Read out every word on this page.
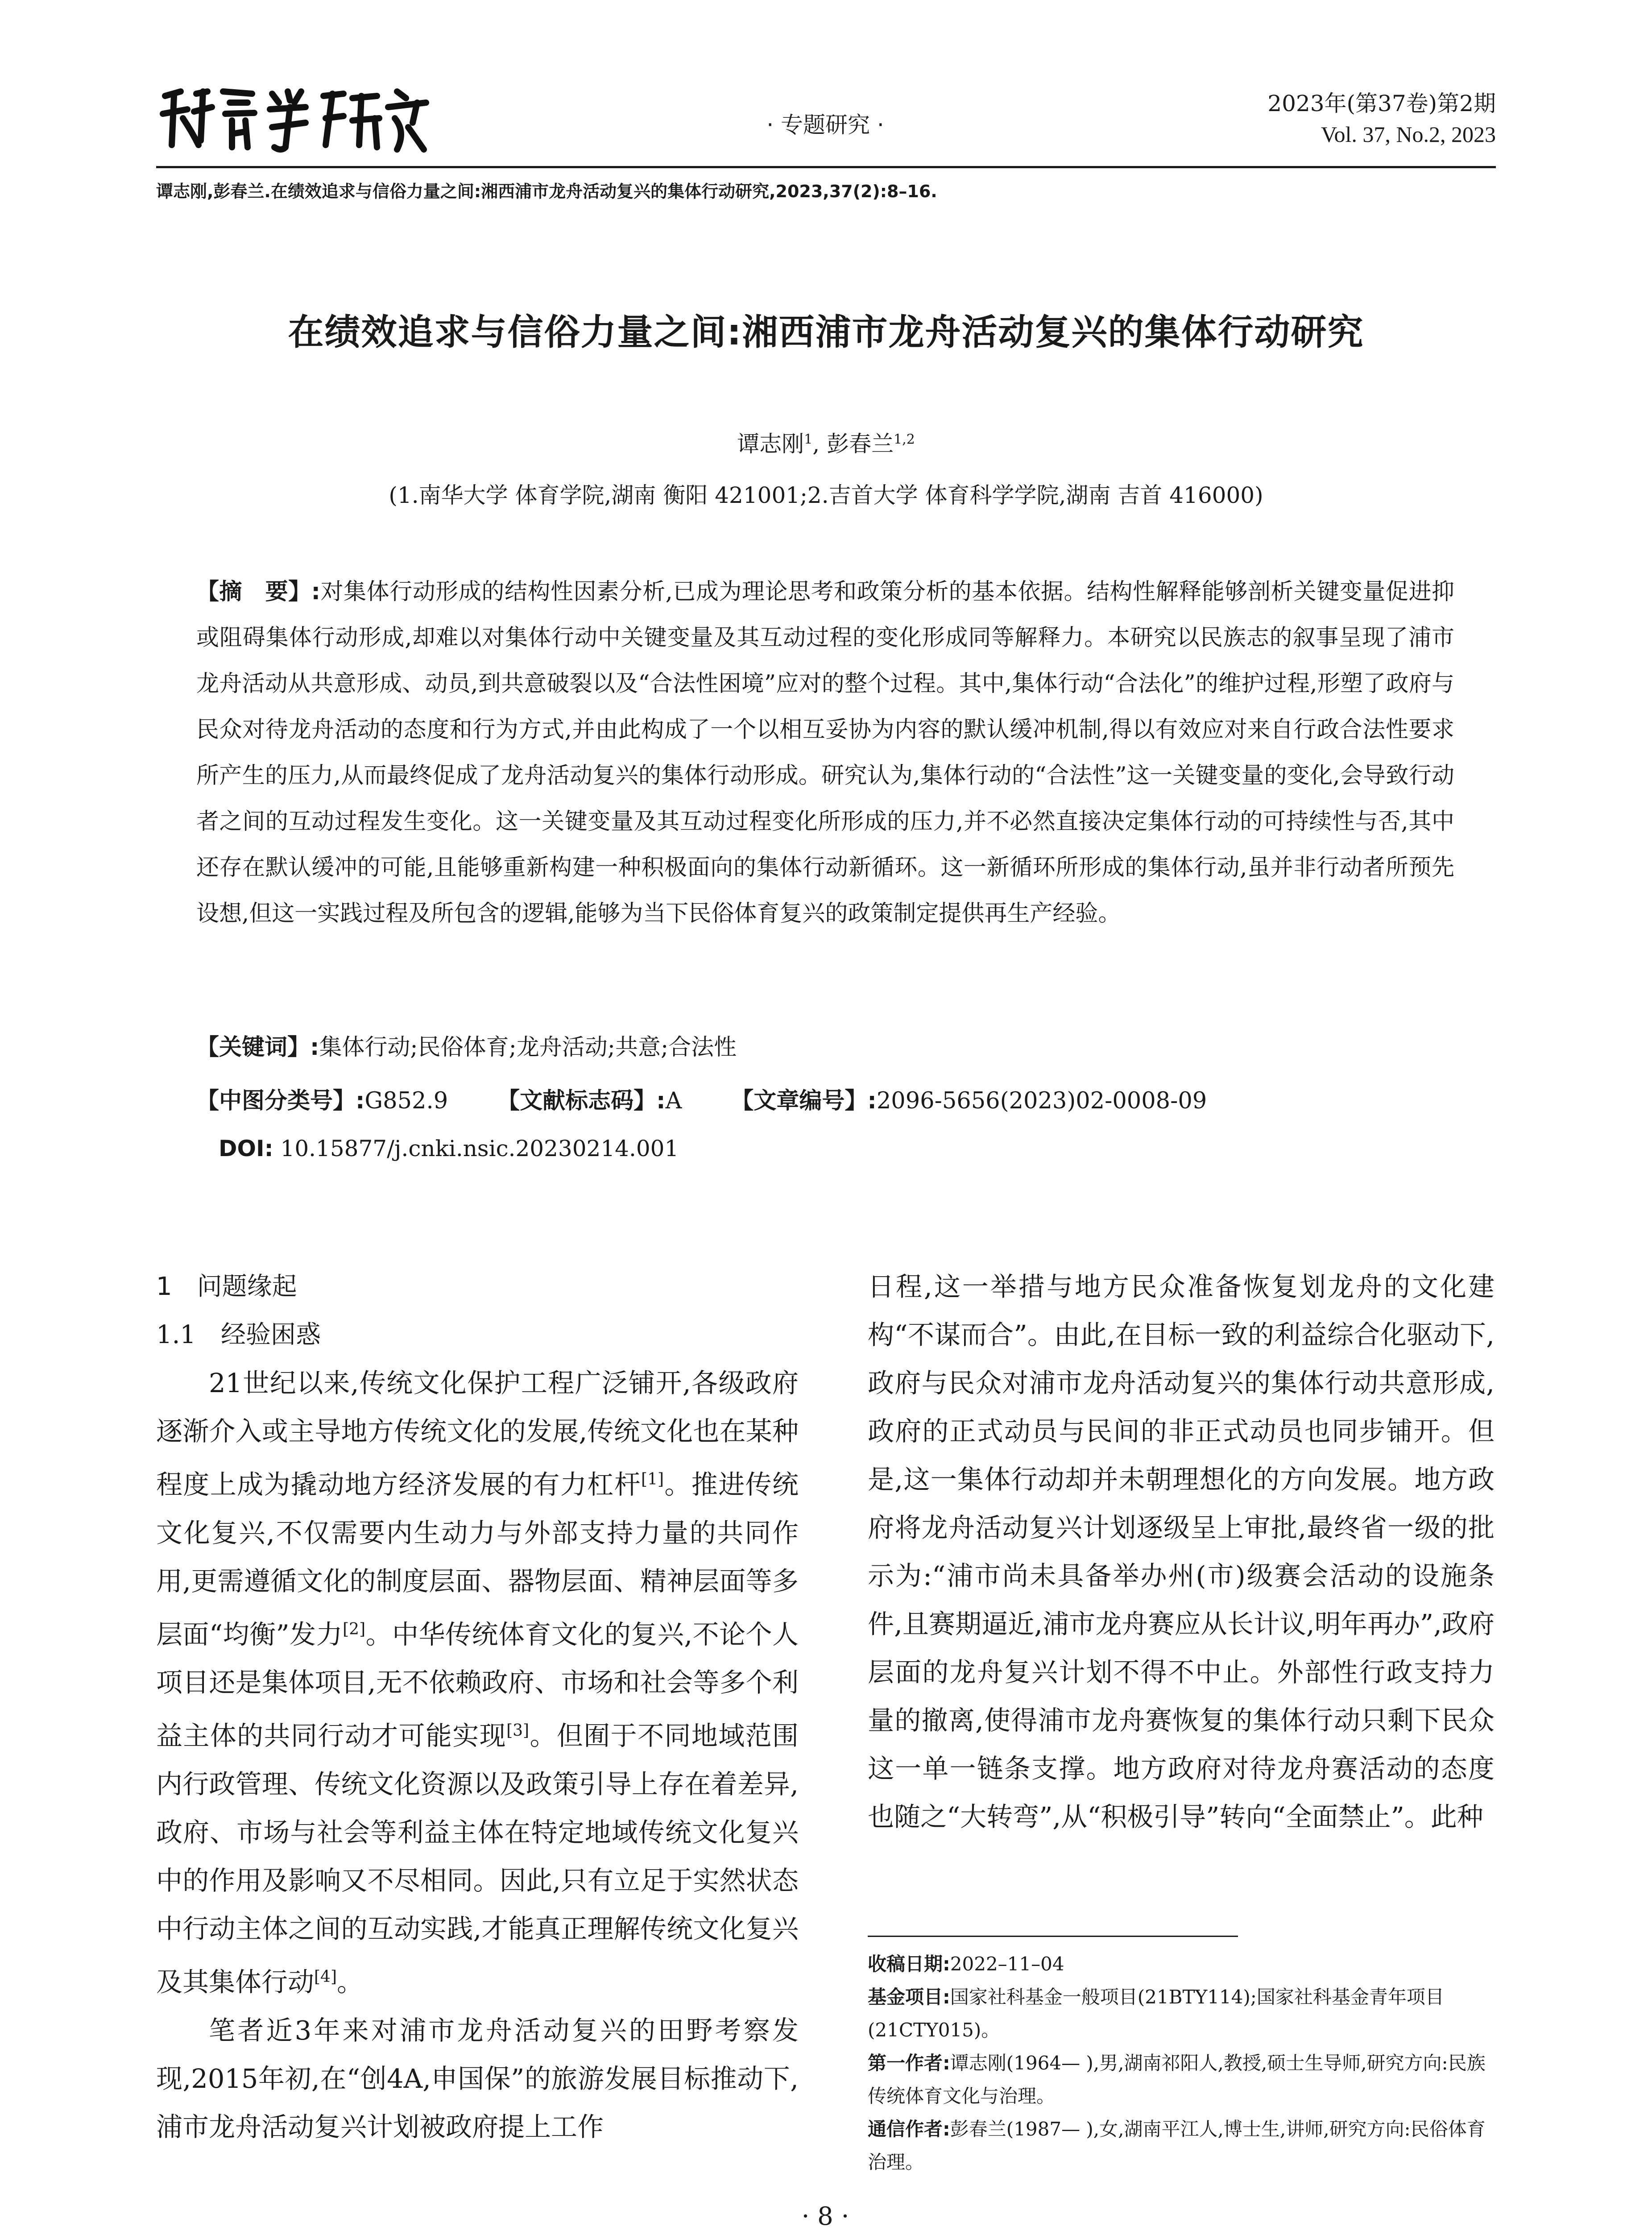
· 专题研究 ·
2023年(第37卷)第2期
Vol. 37, No.2, 2023
谭志刚,彭春兰.在绩效追求与信俗力量之间:湘西浦市龙舟活动复兴的集体行动研究,2023,37(2):8–16.
在绩效追求与信俗力量之间:湘西浦市龙舟活动复兴的集体行动研究
谭志刚$^1$, 彭春兰$^{1,2}$
(1.南华大学 体育学院,湖南 衡阳 421001;2.吉首大学 体育科学学院,湖南 吉首 416000)
【摘　要】:对集体行动形成的结构性因素分析,已成为理论思考和政策分析的基本依据。结构性解释能够剖析关键变量促进抑或阻碍集体行动形成,却难以对集体行动中关键变量及其互动过程的变化形成同等解释力。本研究以民族志的叙事呈现了浦市龙舟活动从共意形成、动员,到共意破裂以及“合法性困境”应对的整个过程。其中,集体行动“合法化”的维护过程,形塑了政府与民众对待龙舟活动的态度和行为方式,并由此构成了一个以相互妥协为内容的默认缓冲机制,得以有效应对来自行政合法性要求所产生的压力,从而最终促成了龙舟活动复兴的集体行动形成。研究认为,集体行动的“合法性”这一关键变量的变化,会导致行动者之间的互动过程发生变化。这一关键变量及其互动过程变化所形成的压力,并不必然直接决定集体行动的可持续性与否,其中还存在默认缓冲的可能,且能够重新构建一种积极面向的集体行动新循环。这一新循环所形成的集体行动,虽并非行动者所预先设想,但这一实践过程及所包含的逻辑,能够为当下民俗体育复兴的政策制定提供再生产经验。
【关键词】:集体行动;民俗体育;龙舟活动;共意;合法性
【中图分类号】:G852.9 【文献标志码】:A 【文章编号】:2096-5656(2023)02-0008-09
DOI: 10.15877/j.cnki.nsic.20230214.001
1　问题缘起
1.1　经验困惑

21世纪以来,传统文化保护工程广泛铺开,各级政府逐渐介入或主导地方传统文化的发展,传统文化也在某种程度上成为撬动地方经济发展的有力杠杆[1]。推进传统文化复兴,不仅需要内生动力与外部支持力量的共同作用,更需遵循文化的制度层面、器物层面、精神层面等多层面“均衡”发力[2]。中华传统体育文化的复兴,不论个人项目还是集体项目,无不依赖政府、市场和社会等多个利益主体的共同行动才可能实现[3]。但囿于不同地域范围内行政管理、传统文化资源以及政策引导上存在着差异,政府、市场与社会等利益主体在特定地域传统文化复兴中的作用及影响又不尽相同。因此,只有立足于实然状态中行动主体之间的互动实践,才能真正理解传统文化复兴及其集体行动[4]。

笔者近3年来对浦市龙舟活动复兴的田野考察发现,2015年初,在“创4A,申国保”的旅游发展目标推动下,浦市龙舟活动复兴计划被政府提上工作

日程,这一举措与地方民众准备恢复划龙舟的文化建构“不谋而合”。由此,在目标一致的利益综合化驱动下,政府与民众对浦市龙舟活动复兴的集体行动共意形成,政府的正式动员与民间的非正式动员也同步铺开。但是,这一集体行动却并未朝理想化的方向发展。地方政府将龙舟活动复兴计划逐级呈上审批,最终省一级的批示为:“浦市尚未具备举办州(市)级赛会活动的设施条件,且赛期逼近,浦市龙舟赛应从长计议,明年再办”,政府层面的龙舟复兴计划不得不中止。外部性行政支持力量的撤离,使得浦市龙舟赛恢复的集体行动只剩下民众这一单一链条支撑。地方政府对待龙舟赛活动的态度也随之“大转弯”,从“积极引导”转向“全面禁止”。此种

收稿日期:2022–11–04
基金项目:国家社科基金一般项目(21BTY114);国家社科基金青年项目(21CTY015)。
第一作者:谭志刚(1964— ),男,湖南祁阳人,教授,硕士生导师,研究方向:民族传统体育文化与治理。
通信作者:彭春兰(1987— ),女,湖南平江人,博士生,讲师,研究方向:民俗体育治理。
· 8 ·
